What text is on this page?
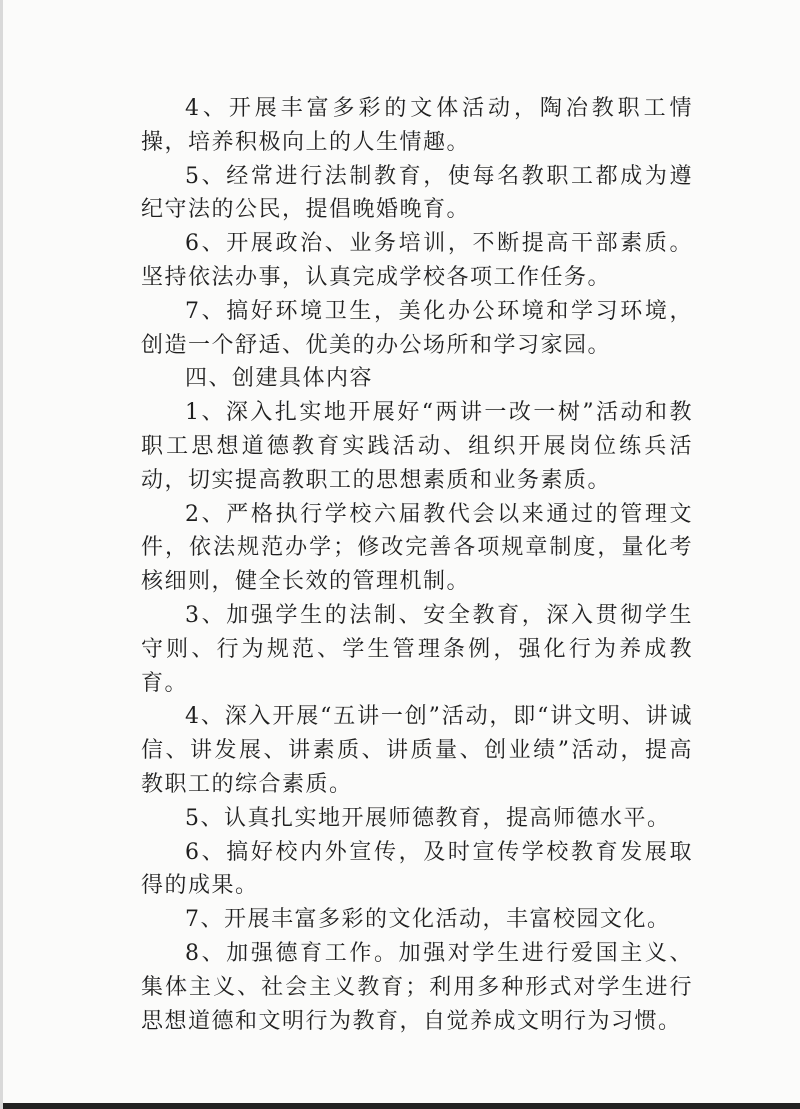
4、开展丰富多彩的文体活动，陶冶教职工情操，培养积极向上的人生情趣。

5、经常进行法制教育，使每名教职工都成为遵纪守法的公民，提倡晚婚晚育。

6、开展政治、业务培训，不断提高干部素质。坚持依法办事，认真完成学校各项工作任务。

7、搞好环境卫生，美化办公环境和学习环境，创造一个舒适、优美的办公场所和学习家园。

四、创建具体内容

1、深入扎实地开展好“两讲一改一树”活动和教职工思想道德教育实践活动、组织开展岗位练兵活动，切实提高教职工的思想素质和业务素质。

2、严格执行学校六届教代会以来通过的管理文件，依法规范办学；修改完善各项规章制度，量化考核细则，健全长效的管理机制。

3、加强学生的法制、安全教育，深入贯彻学生守则、行为规范、学生管理条例，强化行为养成教育。

4、深入开展“五讲一创”活动，即“讲文明、讲诚信、讲发展、讲素质、讲质量、创业绩”活动，提高教职工的综合素质。

5、认真扎实地开展师德教育，提高师德水平。

6、搞好校内外宣传，及时宣传学校教育发展取得的成果。

7、开展丰富多彩的文化活动，丰富校园文化。

8、加强德育工作。加强对学生进行爱国主义、集体主义、社会主义教育；利用多种形式对学生进行思想道德和文明行为教育，自觉养成文明行为习惯。
